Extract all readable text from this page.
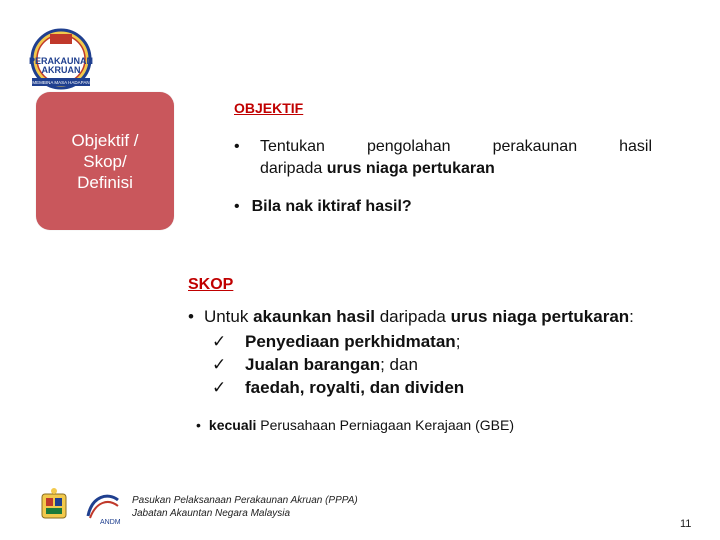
PERAKAUNAN
AKRUAN
MEMBINA MASA HADAPAN
Objektif /
Skop/
Definisi
OBJEKTIF
• Tentukan	pengolahan	perakaunan	hasil
daripada urus niaga pertukaran
• Bila nak iktiraf hasil?
SKOP
• Untuk akaunkan hasil daripada urus niaga pertukaran:
✓	Penyediaan perkhidmatan;
✓	Jualan barangan; dan
✓	faedah, royalti, dan dividen
• kecuali Perusahaan Perniagaan Kerajaan (GBE)
ANDM
Pasukan Pelaksanaan Perakaunan Akruan (PPPA)
Jabatan Akauntan Negara Malaysia
11
